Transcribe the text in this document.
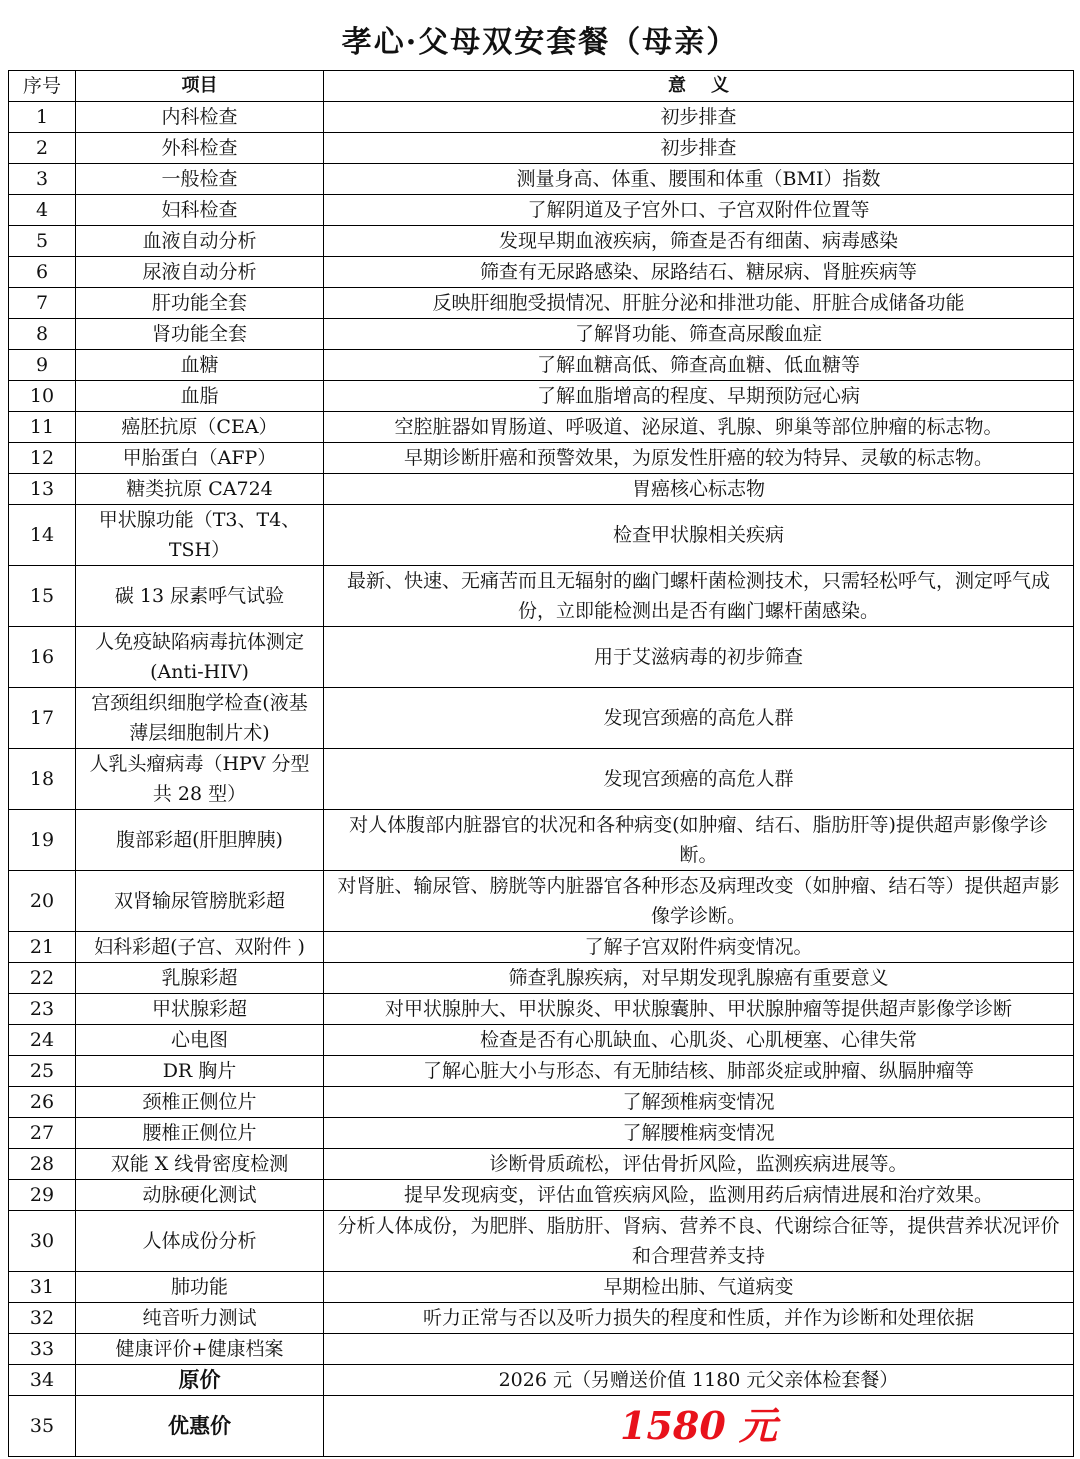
孝心·父母双安套餐（母亲）
序号	项目	意    义
1	内科检查	初步排查
2	外科检查	初步排查
3	一般检查	测量身高、体重、腰围和体重（BMI）指数
4	妇科检查	了解阴道及子宫外口、子宫双附件位置等
5	血液自动分析	发现早期血液疾病，筛查是否有细菌、病毒感染
6	尿液自动分析	筛查有无尿路感染、尿路结石、糖尿病、肾脏疾病等
7	肝功能全套	反映肝细胞受损情况、肝脏分泌和排泄功能、肝脏合成储备功能
8	肾功能全套	了解肾功能、筛查高尿酸血症
9	血糖	了解血糖高低、筛查高血糖、低血糖等
10	血脂	了解血脂增高的程度、早期预防冠心病
11	癌胚抗原（CEA）	空腔脏器如胃肠道、呼吸道、泌尿道、乳腺、卵巢等部位肿瘤的标志物。
12	甲胎蛋白（AFP）	早期诊断肝癌和预警效果，为原发性肝癌的较为特异、灵敏的标志物。
13	糖类抗原 CA724	胃癌核心标志物
14	甲状腺功能（T3、T4、TSH）	检查甲状腺相关疾病
15	碳 13 尿素呼气试验	最新、快速、无痛苦而且无辐射的幽门螺杆菌检测技术，只需轻松呼气，测定呼气成份，立即能检测出是否有幽门螺杆菌感染。
16	人免疫缺陷病毒抗体测定(Anti-HIV)	用于艾滋病毒的初步筛查
17	宫颈组织细胞学检查(液基薄层细胞制片术)	发现宫颈癌的高危人群
18	人乳头瘤病毒（HPV 分型共 28 型）	发现宫颈癌的高危人群
19	腹部彩超(肝胆脾胰)	对人体腹部内脏器官的状况和各种病变(如肿瘤、结石、脂肪肝等)提供超声影像学诊断。
20	双肾输尿管膀胱彩超	对肾脏、输尿管、膀胱等内脏器官各种形态及病理改变（如肿瘤、结石等）提供超声影像学诊断。
21	妇科彩超(子宫、双附件 )	了解子宫双附件病变情况。
22	乳腺彩超	筛查乳腺疾病，对早期发现乳腺癌有重要意义
23	甲状腺彩超	对甲状腺肿大、甲状腺炎、甲状腺囊肿、甲状腺肿瘤等提供超声影像学诊断
24	心电图	检查是否有心肌缺血、心肌炎、心肌梗塞、心律失常
25	DR 胸片	了解心脏大小与形态、有无肺结核、肺部炎症或肿瘤、纵膈肿瘤等
26	颈椎正侧位片	了解颈椎病变情况
27	腰椎正侧位片	了解腰椎病变情况
28	双能 X 线骨密度检测	诊断骨质疏松，评估骨折风险，监测疾病进展等。
29	动脉硬化测试	提早发现病变，评估血管疾病风险，监测用药后病情进展和治疗效果。
30	人体成份分析	分析人体成份，为肥胖、脂肪肝、肾病、营养不良、代谢综合征等，提供营养状况评价和合理营养支持
31	肺功能	早期检出肺、气道病变
32	纯音听力测试	听力正常与否以及听力损失的程度和性质，并作为诊断和处理依据
33	健康评价+健康档案	
34	原价	2026 元（另赠送价值 1180 元父亲体检套餐）
35	优惠价	1580 元
